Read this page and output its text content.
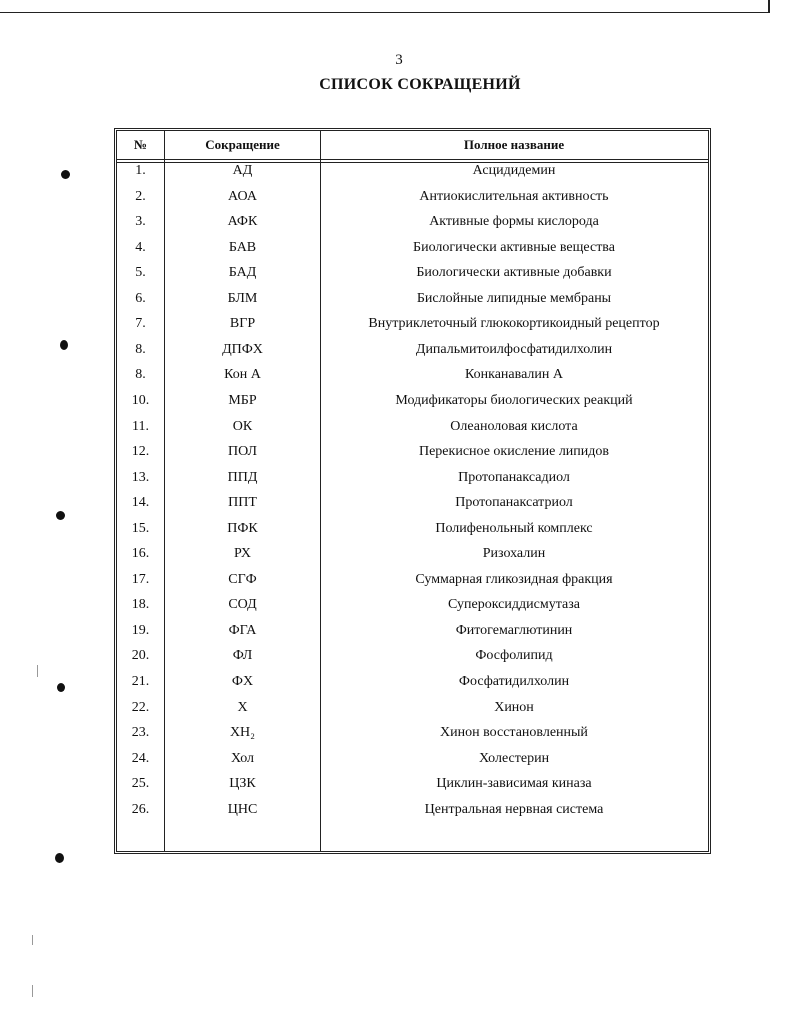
3
СПИСОК СОКРАЩЕНИЙ
№	Сокращение	Полное название
1.	АД	Асцидидемин
2.	АОА	Антиокислительная активность
3.	АФК	Активные формы кислорода
4.	БАВ	Биологически активные вещества
5.	БАД	Биологически активные добавки
6.	БЛМ	Бислойные липидные мембраны
7.	ВГР	Внутриклеточный глюкокортикоидный рецептор
8.	ДПФХ	Дипальмитоилфосфатидилхолин
8.	Кон А	Конканавалин А
10.	МБР	Модификаторы биологических реакций
11.	ОК	Олеаноловая кислота
12.	ПОЛ	Перекисное окисление липидов
13.	ППД	Протопанаксадиол
14.	ППТ	Протопанаксатриол
15.	ПФК	Полифенольный комплекс
16.	РХ	Ризохалин
17.	СГФ	Суммарная гликозидная фракция
18.	СОД	Супероксиддисмутаза
19.	ФГА	Фитогемаглютинин
20.	ФЛ	Фосфолипид
21.	ФХ	Фосфатидилхолин
22.	Х	Хинон
23.	ХН₂	Хинон восстановленный
24.	Хол	Холестерин
25.	ЦЗК	Циклин-зависимая киназа
26.	ЦНС	Центральная нервная система
